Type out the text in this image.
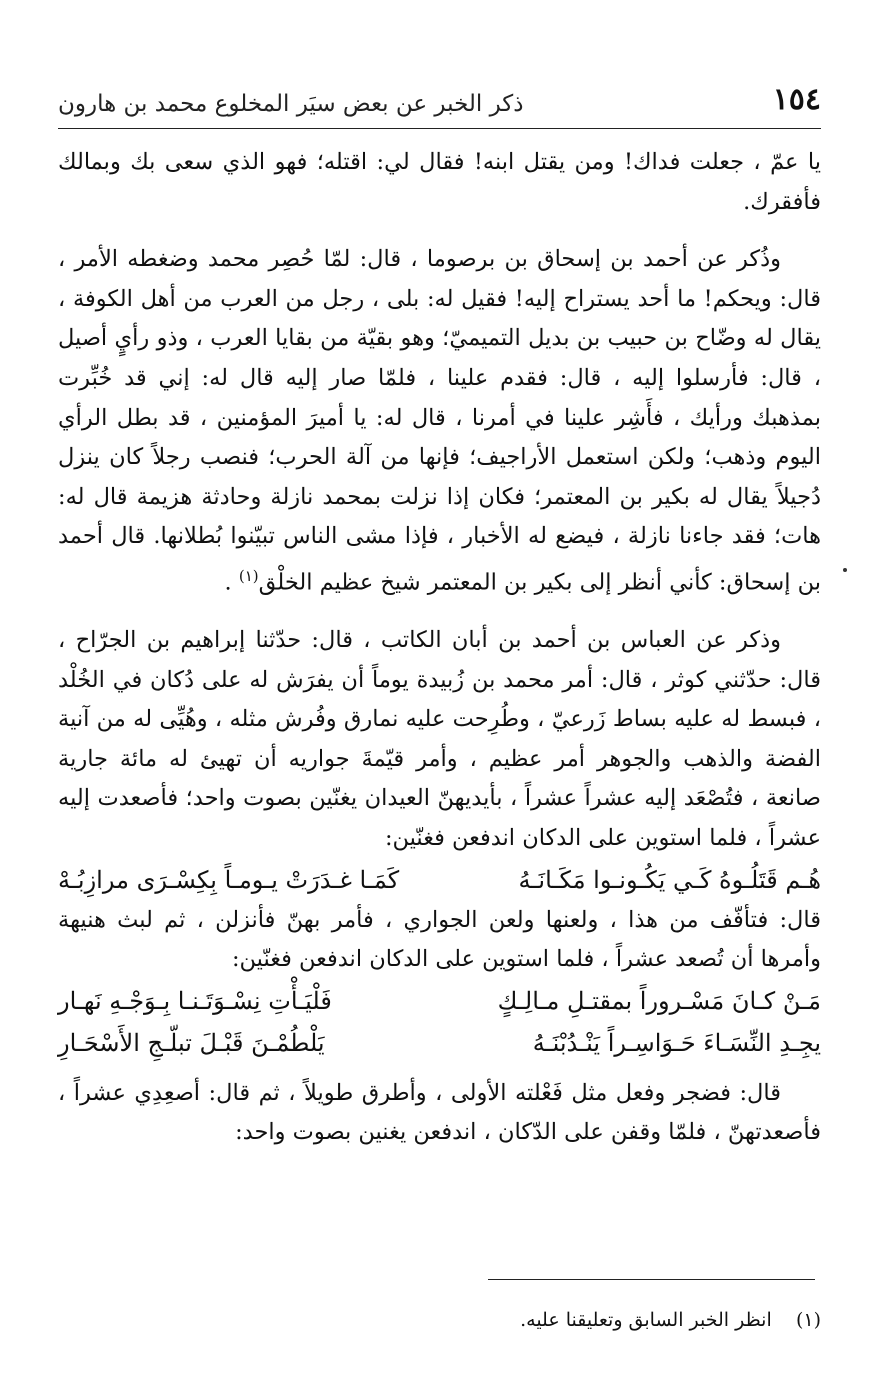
١٥٤
ذكر الخبر عن بعض سيَر المخلوع محمد بن هارون

يا عمّ ، جعلت فداك! ومن يقتل ابنه! فقال لي: اقتله؛ فهو الذي سعى بك وبمالك فأفقرك.

وذُكر عن أحمد بن إسحاق بن برصوما ، قال: لمّا حُصِر محمد وضغطه الأمر ، قال: ويحكم! ما أحد يستراح إليه! فقيل له: بلى ، رجل من العرب من أهل الكوفة ، يقال له وضّاح بن حبيب بن بديل التميميّ؛ وهو بقيّة من بقايا العرب ، وذو رأيٍ أصيل ، قال: فأرسلوا إليه ، قال: فقدم علينا ، فلمّا صار إليه قال له: إني قد خُبِّرت بمذهبك ورأيك ، فأَشِر علينا في أمرنا ، قال له: يا أميرَ المؤمنين ، قد بطل الرأي اليوم وذهب؛ ولكن استعمل الأراجيف؛ فإنها من آلة الحرب؛ فنصب رجلاً كان ينزل دُجيلاً يقال له بكير بن المعتمر؛ فكان إذا نزلت بمحمد نازلة وحادثة هزيمة قال له: هات؛ فقد جاءنا نازلة ، فيضع له الأخبار ، فإذا مشى الناس تبيّنوا بُطلانها. قال أحمد بن إسحاق: كأني أنظر إلى بكير بن المعتمر شيخ عظيم الخلْق$^{(١)}$ .

وذكر عن العباس بن أحمد بن أبان الكاتب ، قال: حدّثنا إبراهيم بن الجرّاح ، قال: حدّثني كوثر ، قال: أمر محمد بن زُبيدة يوماً أن يفرَش له على دُكان في الخُلْد ، فبسط له عليه بساط زَرعيّ ، وطُرِحت عليه نمارق وفُرش مثله ، وهُيِّى له من آنية الفضة والذهب والجوهر أمر عظيم ، وأمر قيّمةَ جواريه أن تهيئ له مائة جارية صانعة ، فتُصْعَد إليه عشراً عشراً ، بأيديهنّ العيدان يغنّين بصوت واحد؛ فأصعدت إليه عشراً ، فلما استوين على الدكان اندفعن فغنّين:

هُـم قَتَلُـوهُ كَـي يَكُـونـوا مَكَـانَـهُ
كَمَـا غـدَرَتْ يـومـاً بِكِسْـرَى مرازِبُـهْ

قال: فتأفّف من هذا ، ولعنها ولعن الجواري ، فأمر بهنّ فأنزلن ، ثم لبث هنيهة وأمرها أن تُصعد عشراً ، فلما استوين على الدكان اندفعن فغنّين:

مَـنْ كـانَ مَسْـروراً بمقتـلِ مـالِـكٍ
فَلْيَـأْتِ نِسْـوَتَـنـا بِـوَجْـهِ نَهـار
يجِـدِ النِّسَـاءَ حَـوَاسِـراً يَنْـدُبْنَـهُ
يَلْطُمْـنَ قَبْـلَ تبلّـجِ الأَسْحَـارِ

قال: فضجر وفعل مثل فَعْلته الأولى ، وأطرق طويلاً ، ثم قال: أصعِدِي عشراً ، فأصعدتهنّ ، فلمّا وقفن على الدّكان ، اندفعن يغنين بصوت واحد:

(١)    انظر الخبر السابق وتعليقنا عليه.
